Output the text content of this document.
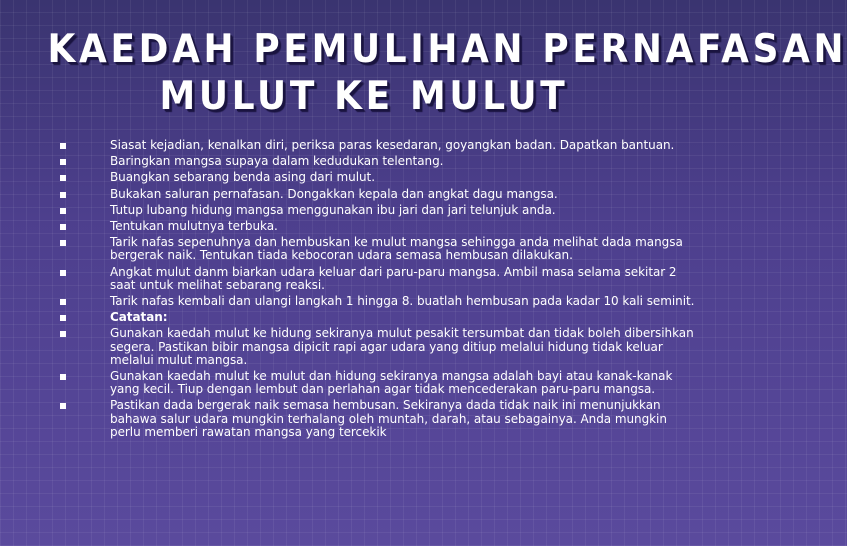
KAEDAH PEMULIHAN PERNAFASAN
MULUT KE MULUT
Siasat kejadian, kenalkan diri, periksa paras kesedaran, goyangkan badan. Dapatkan bantuan.
Baringkan mangsa supaya dalam kedudukan telentang.
Buangkan sebarang benda asing dari mulut.
Bukakan saluran pernafasan. Dongakkan kepala dan angkat dagu mangsa.
Tutup lubang hidung mangsa menggunakan ibu jari dan jari telunjuk anda.
Tentukan mulutnya terbuka.
Tarik nafas sepenuhnya dan hembuskan ke mulut mangsa sehingga anda melihat dada mangsa bergerak naik. Tentukan tiada kebocoran udara semasa hembusan dilakukan.
Angkat mulut danm biarkan udara keluar dari paru-paru mangsa. Ambil masa selama sekitar 2 saat untuk melihat sebarang reaksi.
Tarik nafas kembali dan ulangi langkah 1 hingga 8. buatlah hembusan pada kadar 10 kali seminit.
Catatan:
Gunakan kaedah mulut ke hidung sekiranya mulut pesakit tersumbat dan tidak boleh dibersihkan segera. Pastikan bibir mangsa dipicit rapi agar udara yang ditiup melalui hidung tidak keluar melalui mulut mangsa.
Gunakan kaedah mulut ke mulut dan hidung sekiranya mangsa adalah bayi atau kanak-kanak yang kecil. Tiup dengan lembut dan perlahan agar tidak mencederakan paru-paru mangsa.
Pastikan dada bergerak naik semasa hembusan. Sekiranya dada tidak naik ini menunjukkan bahawa salur udara mungkin terhalang oleh muntah, darah, atau sebagainya. Anda mungkin perlu memberi rawatan mangsa yang tercekik
